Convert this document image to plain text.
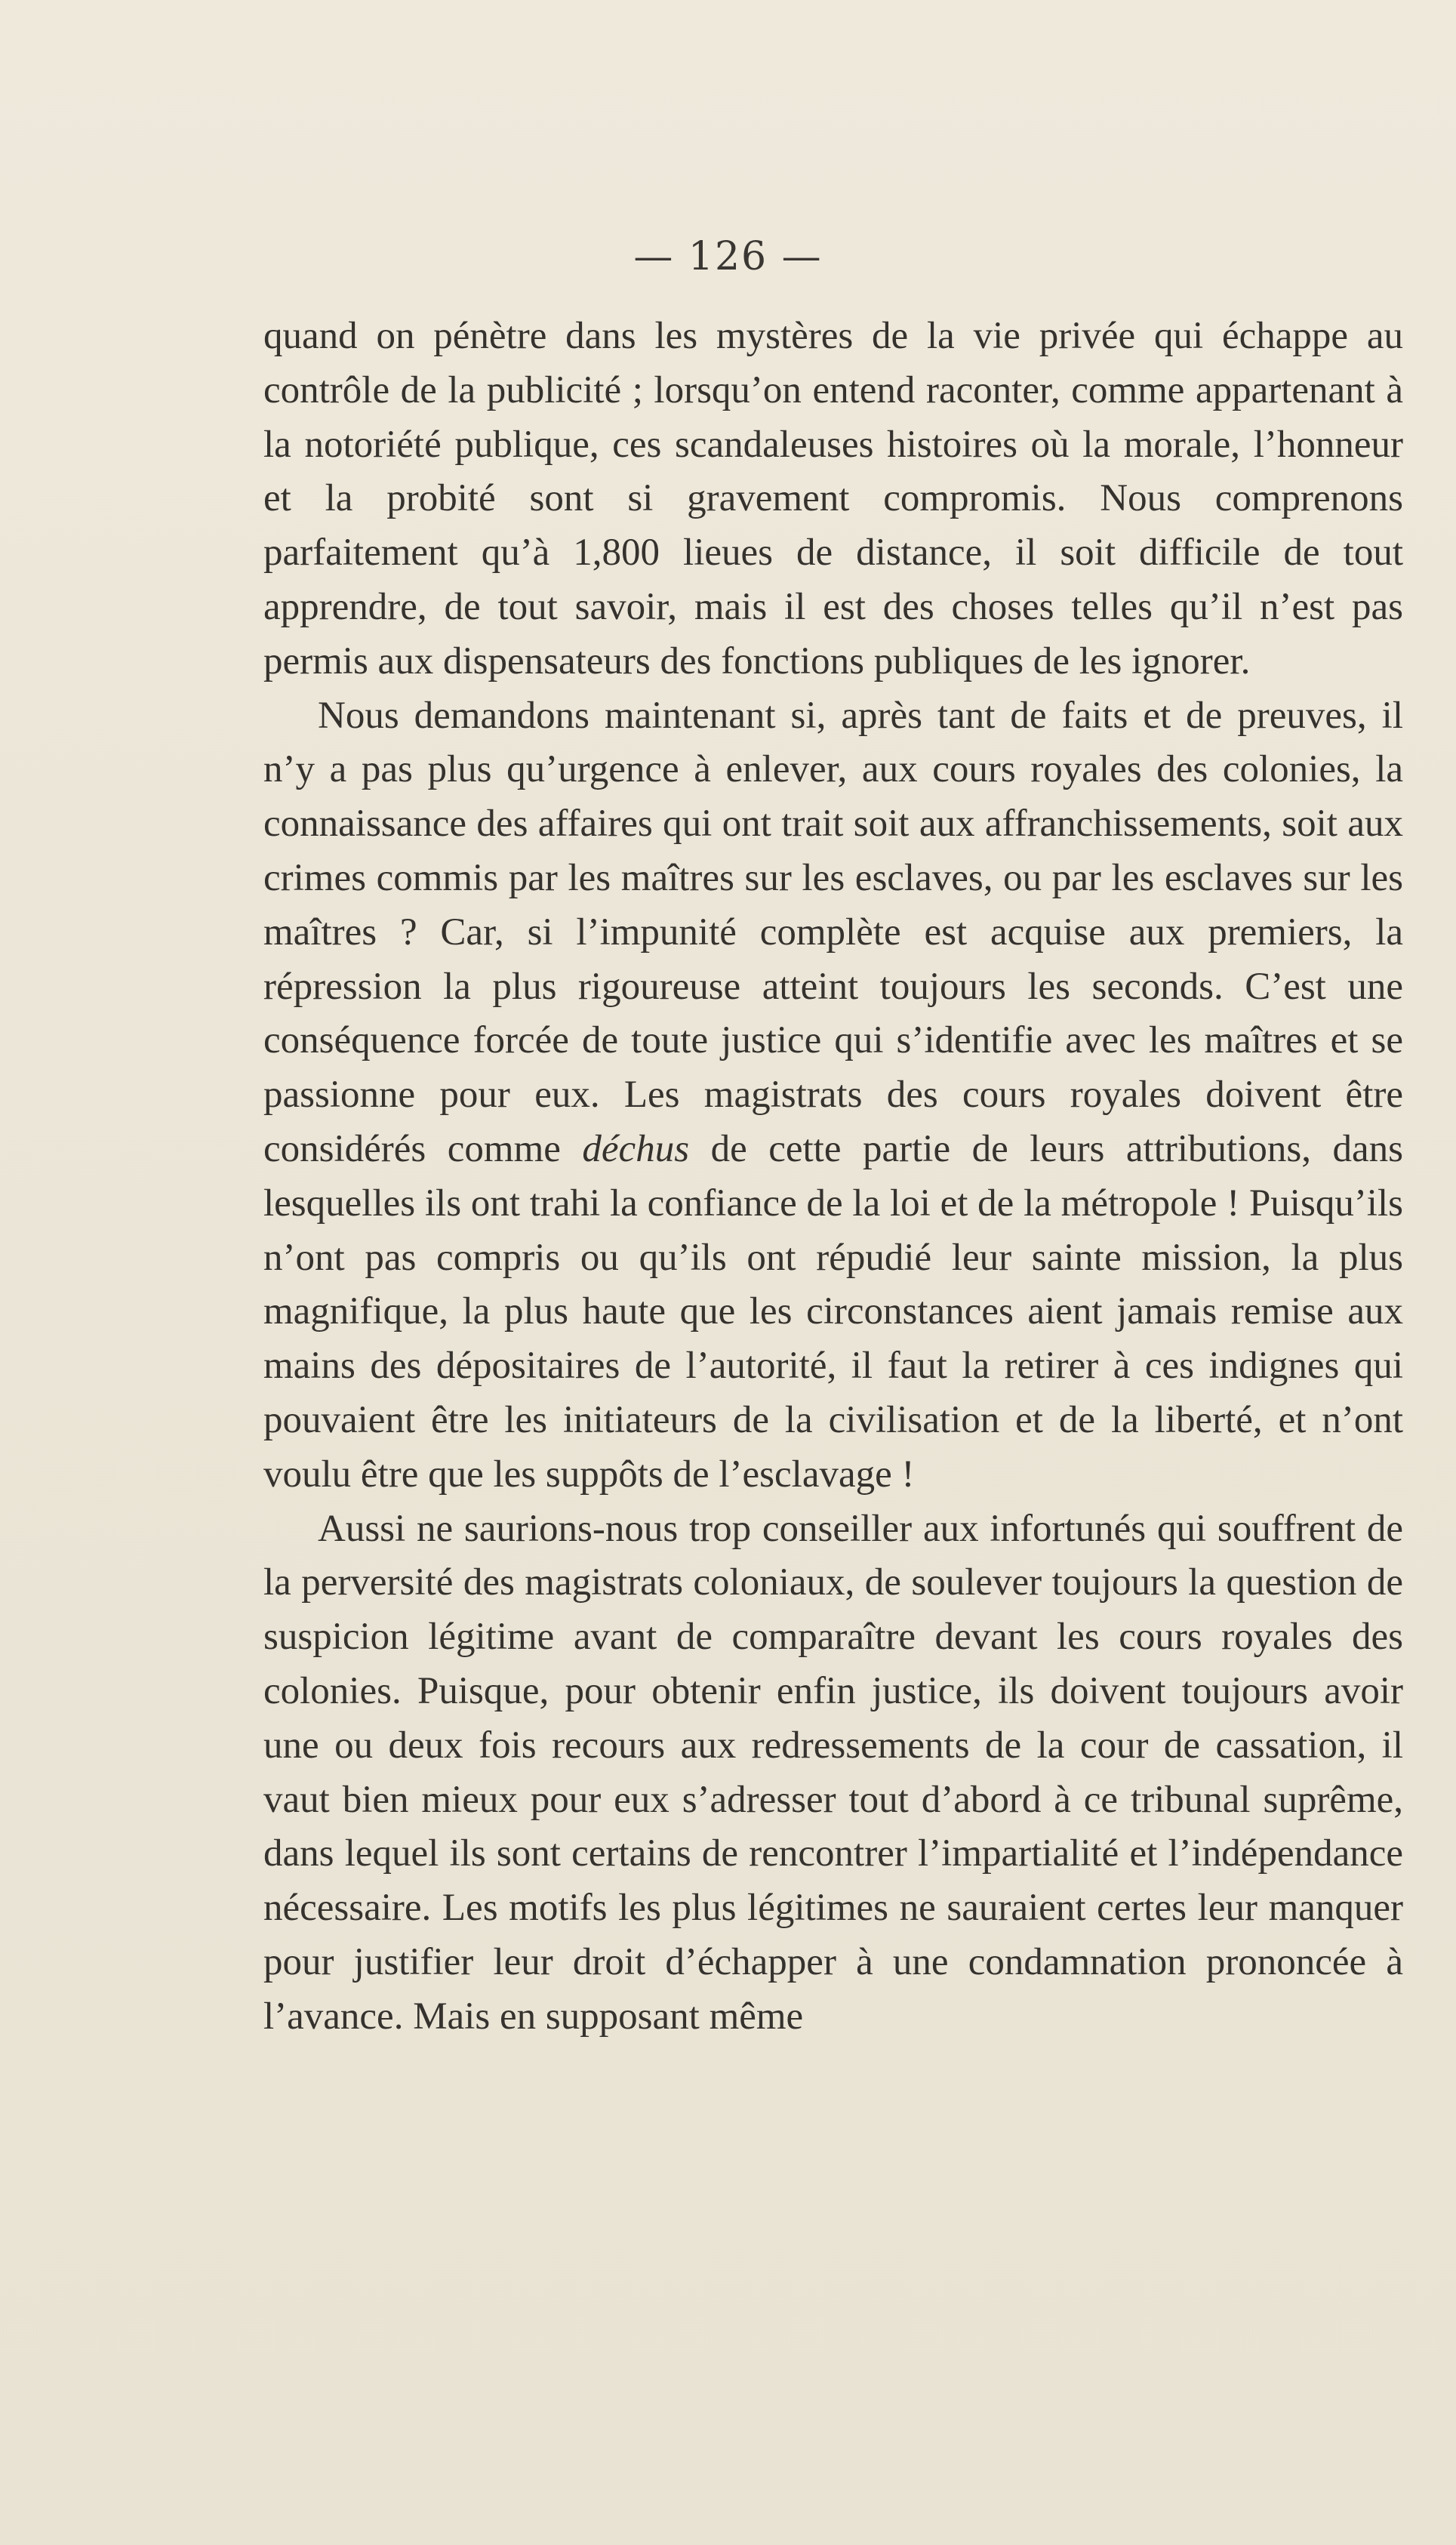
— 126 —

quand on pénètre dans les mystères de la vie privée qui échappe au contrôle de la publicité ; lorsqu’on entend raconter, comme appartenant à la notoriété publique, ces scandaleuses histoires où la morale, l’honneur et la probité sont si gravement compromis. Nous comprenons parfaitement qu’à 1,800 lieues de distance, il soit difficile de tout apprendre, de tout savoir, mais il est des choses telles qu’il n’est pas permis aux dispensateurs des fonctions publiques de les ignorer.

Nous demandons maintenant si, après tant de faits et de preuves, il n’y a pas plus qu’urgence à enlever, aux cours royales des colonies, la connaissance des affaires qui ont trait soit aux affranchissements, soit aux crimes commis par les maîtres sur les esclaves, ou par les esclaves sur les maîtres ? Car, si l’impunité complète est acquise aux premiers, la répression la plus rigoureuse atteint toujours les seconds. C’est une conséquence forcée de toute justice qui s’identifie avec les maîtres et se passionne pour eux. Les magistrats des cours royales doivent être considérés comme déchus de cette partie de leurs attributions, dans lesquelles ils ont trahi la confiance de la loi et de la métropole ! Puisqu’ils n’ont pas compris ou qu’ils ont répudié leur sainte mission, la plus magnifique, la plus haute que les circonstances aient jamais remise aux mains des dépositaires de l’autorité, il faut la retirer à ces indignes qui pouvaient être les initiateurs de la civilisation et de la liberté, et n’ont voulu être que les suppôts de l’esclavage !

Aussi ne saurions-nous trop conseiller aux infortunés qui souffrent de la perversité des magistrats coloniaux, de soulever toujours la question de suspicion légitime avant de comparaître devant les cours royales des colonies. Puisque, pour obtenir enfin justice, ils doivent toujours avoir une ou deux fois recours aux redressements de la cour de cassation, il vaut bien mieux pour eux s’adresser tout d’abord à ce tribunal suprême, dans lequel ils sont certains de rencontrer l’impartialité et l’indépendance nécessaire. Les motifs les plus légitimes ne sauraient certes leur manquer pour justifier leur droit d’échapper à une condamnation prononcée à l’avance. Mais en supposant même
